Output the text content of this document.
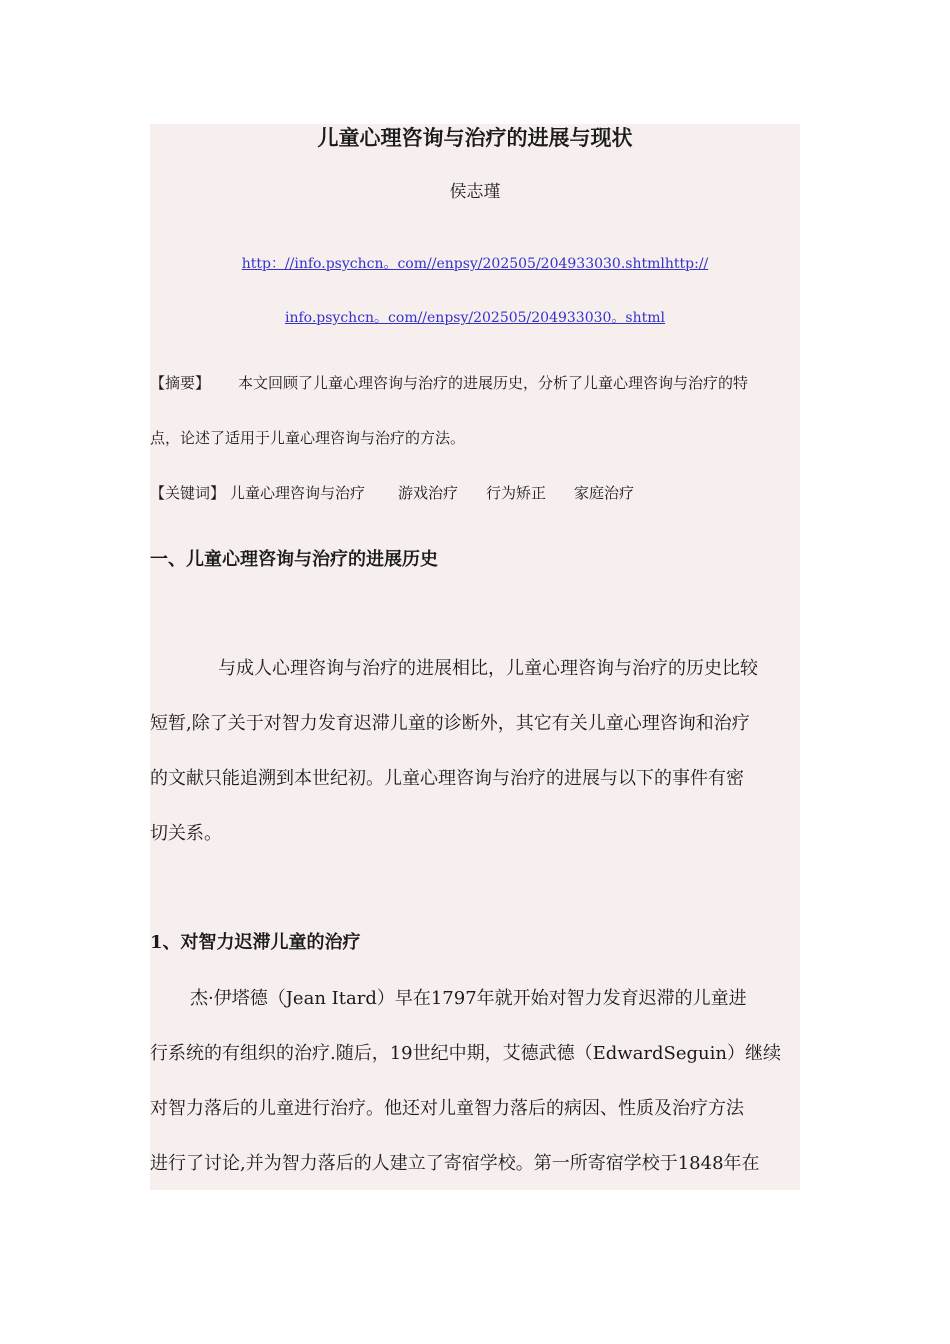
儿童心理咨询与治疗的进展与现状
侯志瑾
http：//info.psychcn。com//enpsy/202505/204933030.shtmlhttp://
info.psychcn。com//enpsy/202505/204933030。shtml
【摘要】 本文回顾了儿童心理咨询与治疗的进展历史，分析了儿童心理咨询与治疗的特
点，论述了适用于儿童心理咨询与治疗的方法。
【关键词】 儿童心理咨询与治疗 游戏治疗 行为矫正 家庭治疗
一、儿童心理咨询与治疗的进展历史
与成人心理咨询与治疗的进展相比，儿童心理咨询与治疗的历史比较
短暂,除了关于对智力发育迟滞儿童的诊断外，其它有关儿童心理咨询和治疗
的文献只能追溯到本世纪初。儿童心理咨询与治疗的进展与以下的事件有密
切关系。
1、对智力迟滞儿童的治疗
杰·伊塔德（Jean Itard）早在1797年就开始对智力发育迟滞的儿童进
行系统的有组织的治疗.随后，19世纪中期，艾德武德（EdwardSeguin）继续
对智力落后的儿童进行治疗。他还对儿童智力落后的病因、性质及治疗方法
进行了讨论,并为智力落后的人建立了寄宿学校。第一所寄宿学校于1848年在
